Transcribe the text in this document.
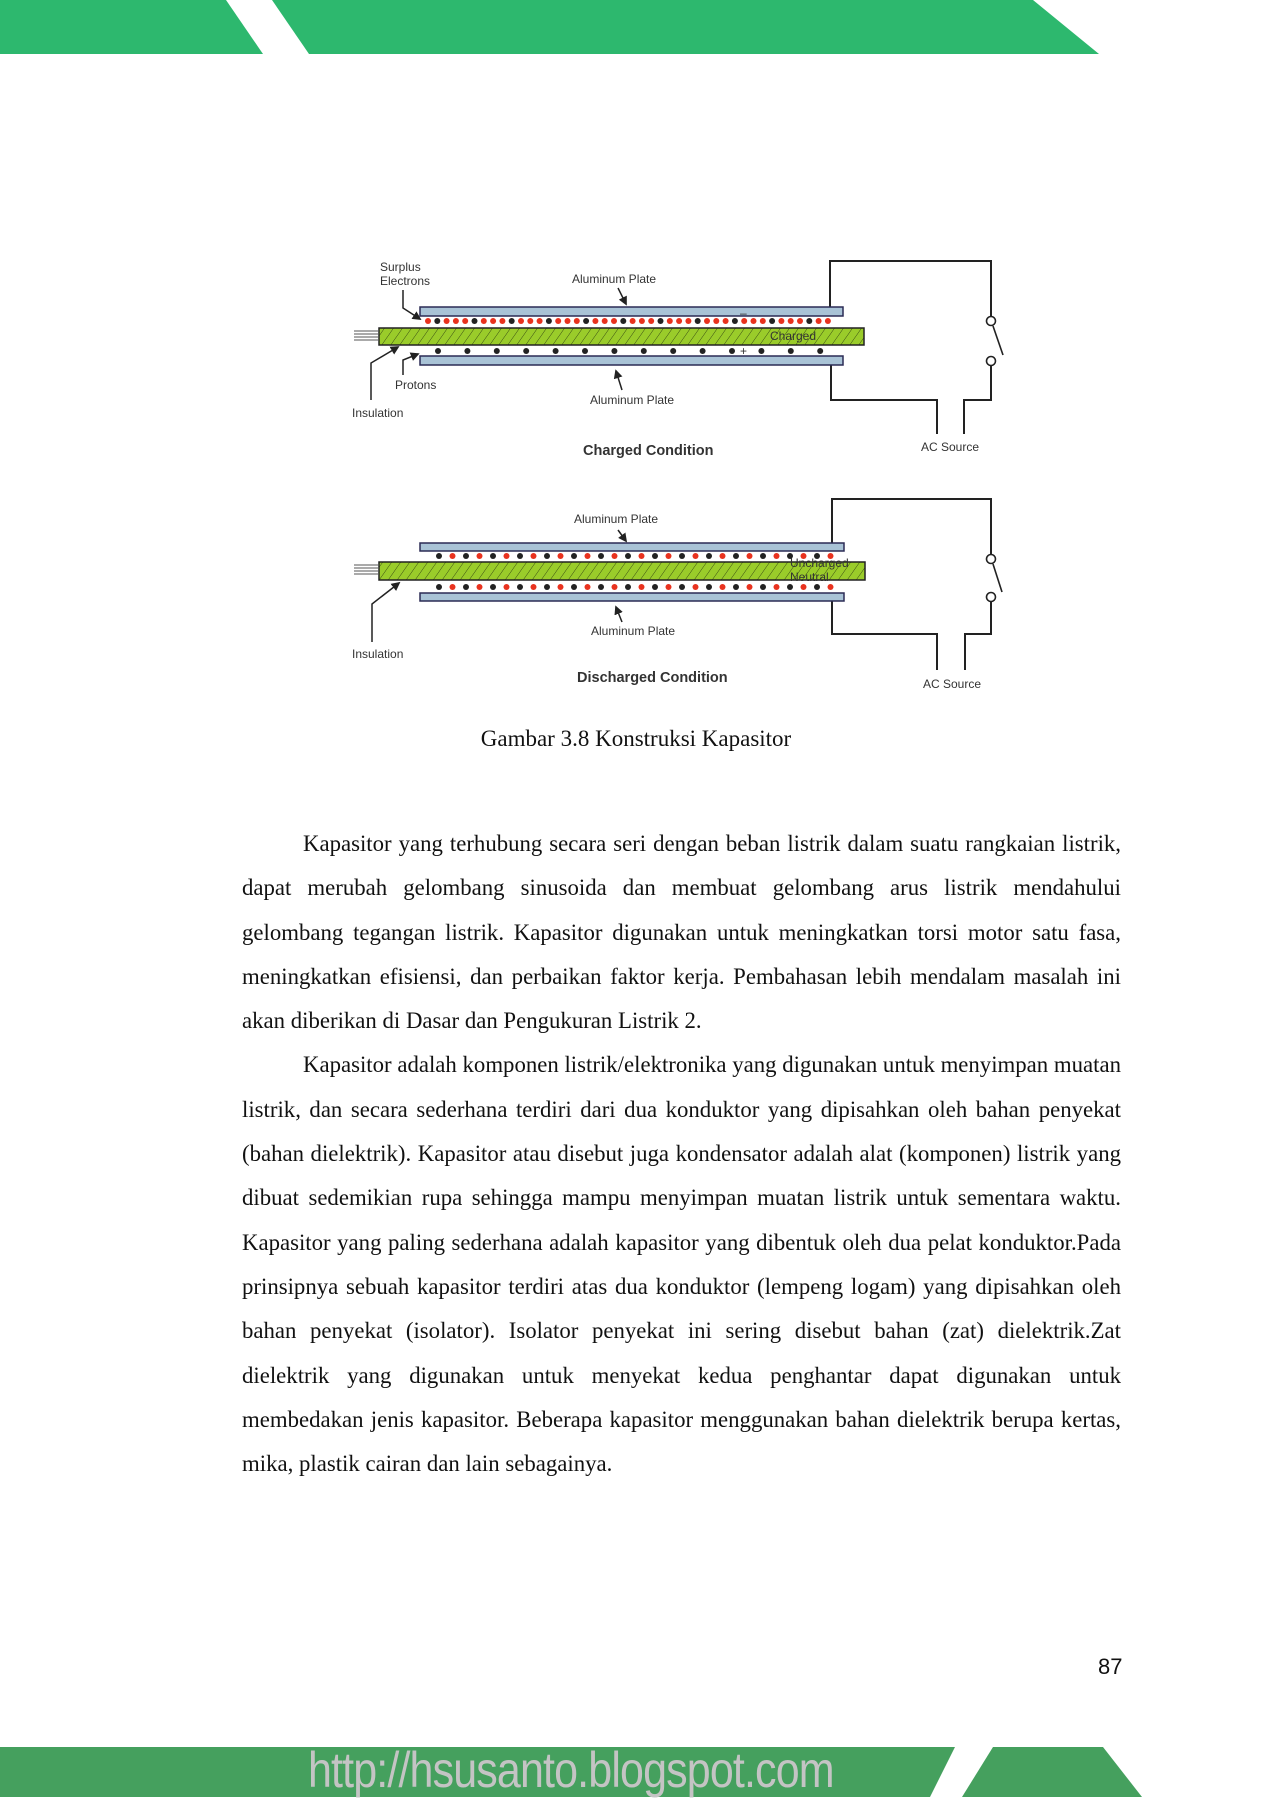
Surplus
Electrons	Aluminum Plate
–
+
Charged
Protons
Insulation
Aluminum Plate
Charged Condition	AC Source
Aluminum Plate
Uncharged
Neutral
Insulation
Aluminum Plate
Discharged Condition	AC Source
Gambar 3.8 Konstruksi Kapasitor

Kapasitor yang terhubung secara seri dengan beban listrik dalam suatu rangkaian listrik, dapat merubah gelombang sinusoida dan membuat gelombang arus listrik mendahului gelombang tegangan listrik. Kapasitor digunakan untuk meningkatkan torsi motor satu fasa, meningkatkan efisiensi, dan perbaikan faktor kerja. Pembahasan lebih mendalam masalah ini akan diberikan di Dasar dan Pengukuran Listrik 2.

Kapasitor adalah komponen listrik/elektronika yang digunakan untuk menyimpan muatan listrik, dan secara sederhana terdiri dari dua konduktor yang dipisahkan oleh bahan penyekat (bahan dielektrik). Kapasitor atau disebut juga kondensator adalah alat (komponen) listrik yang dibuat sedemikian rupa sehingga mampu menyimpan muatan listrik untuk sementara waktu. Kapasitor yang paling sederhana adalah kapasitor yang dibentuk oleh dua pelat konduktor.Pada prinsipnya sebuah kapasitor terdiri atas dua konduktor (lempeng logam) yang dipisahkan oleh bahan penyekat (isolator). Isolator penyekat ini sering disebut bahan (zat) dielektrik.Zat dielektrik yang digunakan untuk menyekat kedua penghantar dapat digunakan untuk membedakan jenis kapasitor. Beberapa kapasitor menggunakan bahan dielektrik berupa kertas, mika, plastik cairan dan lain sebagainya.

87
http://hsusanto.blogspot.com
